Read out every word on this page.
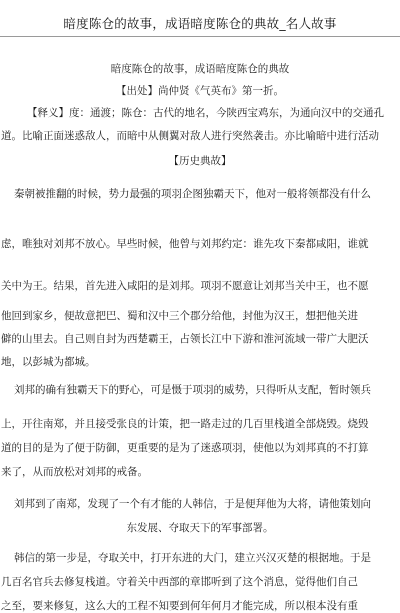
暗度陈仓的故事，成语暗度陈仓的典故_名人故事
暗度陈仓的故事，成语暗度陈仓的典故
【出处】尚仲贤《气英布》第一折。
【释义】度：通渡；陈仓：古代的地名，今陕西宝鸡东，为通向汉中的交通孔
道。比喻正面迷惑敌人，而暗中从侧翼对敌人进行突然袭击。亦比喻暗中进行活动
【历史典故】
秦朝被推翻的时候，势力最强的项羽企图独霸天下，他对一般将领都没有什么
虑，唯独对刘邦不放心。早些时候，他曾与刘邦约定：谁先攻下秦都咸阳，谁就
关中为王。结果，首先进入咸阳的是刘邦。项羽不愿意让刘邦当关中王，也不愿
他回到家乡，便故意把巴、蜀和汉中三个郡分给他，封他为汉王，想把他关进
僻的山里去。自己则自封为西楚霸王，占领长江中下游和淮河流域一带广大肥沃
地，以彭城为都城。
刘邦的确有独霸天下的野心，可是慑于项羽的威势，只得听从支配，暂时领兵
上，开往南郑，并且接受张良的计策，把一路走过的几百里栈道全部烧毁。烧毁
道的目的是为了便于防御，更重要的是为了迷惑项羽，使他以为刘邦真的不打算
来了，从而放松对刘邦的戒备。
刘邦到了南郑，发现了一个有才能的人韩信，于是便拜他为大将，请他策划向
东发展、夺取天下的军事部署。
韩信的第一步是，夺取关中，打开东进的大门，建立兴汉灭楚的根据地。于是
几百名官兵去修复栈道。守着关中西部的章邯听到了这个消息，觉得他们自己
之至，要来修复，这么大的工程不知要到何年何月才能完成，所以根本没有重
